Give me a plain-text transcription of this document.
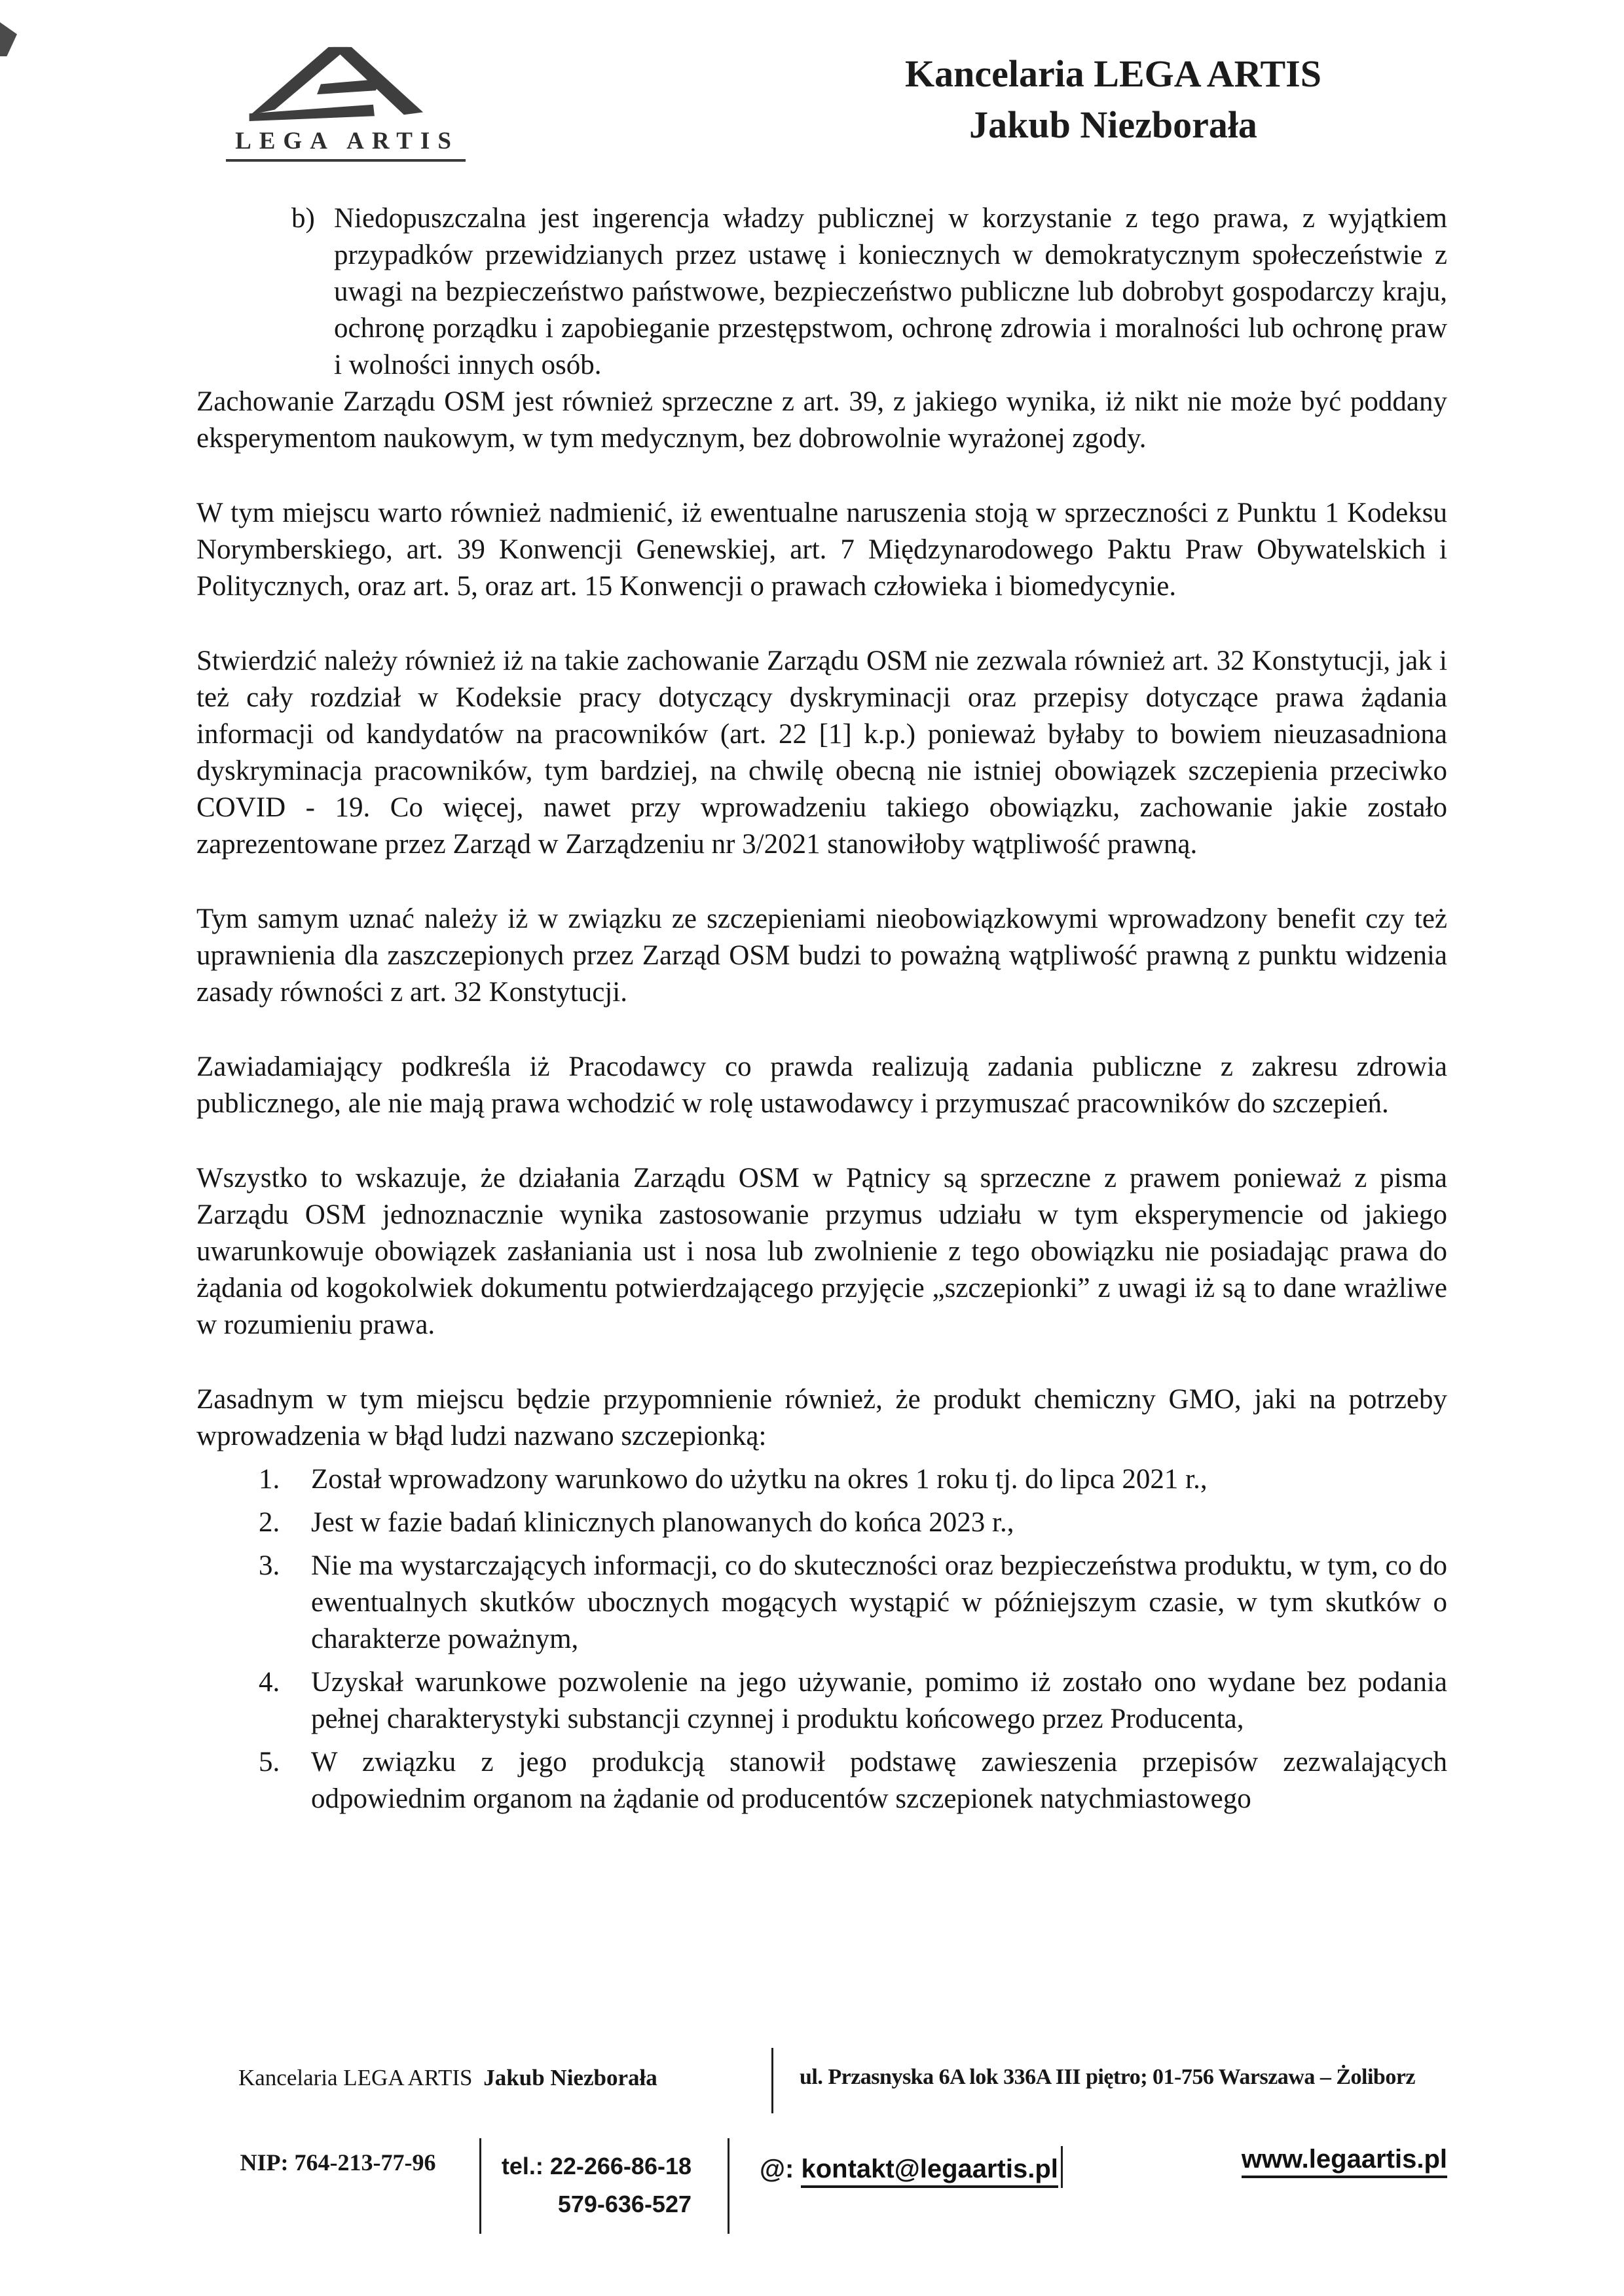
LEGA ARTIS
Kancelaria LEGA ARTIS
Jakub Niezborała
b) Niedopuszczalna jest ingerencja władzy publicznej w korzystanie z tego prawa, z wyjątkiem przypadków przewidzianych przez ustawę i koniecznych w demokratycznym społeczeństwie z uwagi na bezpieczeństwo państwowe, bezpieczeństwo publiczne lub dobrobyt gospodarczy kraju, ochronę porządku i zapobieganie przestępstwom, ochronę zdrowia i moralności lub ochronę praw i wolności innych osób.

Zachowanie Zarządu OSM jest również sprzeczne z art. 39, z jakiego wynika, iż nikt nie może być poddany eksperymentom naukowym, w tym medycznym, bez dobrowolnie wyrażonej zgody.

W tym miejscu warto również nadmienić, iż ewentualne naruszenia stoją w sprzeczności z Punktu 1 Kodeksu Norymberskiego, art. 39 Konwencji Genewskiej, art. 7 Międzynarodowego Paktu Praw Obywatelskich i Politycznych, oraz art. 5, oraz art. 15 Konwencji o prawach człowieka i biomedycynie.

Stwierdzić należy również iż na takie zachowanie Zarządu OSM nie zezwala również art. 32 Konstytucji, jak i też cały rozdział w Kodeksie pracy dotyczący dyskryminacji oraz przepisy dotyczące prawa żądania informacji od kandydatów na pracowników (art. 22 [1] k.p.) ponieważ byłaby to bowiem nieuzasadniona dyskryminacja pracowników, tym bardziej, na chwilę obecną nie istniej obowiązek szczepienia przeciwko COVID - 19. Co więcej, nawet przy wprowadzeniu takiego obowiązku, zachowanie jakie zostało zaprezentowane przez Zarząd w Zarządzeniu nr 3/2021 stanowiłoby wątpliwość prawną.

Tym samym uznać należy iż w związku ze szczepieniami nieobowiązkowymi wprowadzony benefit czy też uprawnienia dla zaszczepionych przez Zarząd OSM budzi to poważną wątpliwość prawną z punktu widzenia zasady równości z art. 32 Konstytucji.

Zawiadamiający podkreśla iż Pracodawcy co prawda realizują zadania publiczne z zakresu zdrowia publicznego, ale nie mają prawa wchodzić w rolę ustawodawcy i przymuszać pracowników do szczepień.

Wszystko to wskazuje, że działania Zarządu OSM w Pątnicy są sprzeczne z prawem ponieważ z pisma Zarządu OSM jednoznacznie wynika zastosowanie przymus udziału w tym eksperymencie od jakiego uwarunkowuje obowiązek zasłaniania ust i nosa lub zwolnienie z tego obowiązku nie posiadając prawa do żądania od kogokolwiek dokumentu potwierdzającego przyjęcie „szczepionki” z uwagi iż są to dane wrażliwe w rozumieniu prawa.

Zasadnym w tym miejscu będzie przypomnienie również, że produkt chemiczny GMO, jaki na potrzeby wprowadzenia w błąd ludzi nazwano szczepionką:

1.	Został wprowadzony warunkowo do użytku na okres 1 roku tj. do lipca 2021 r.,

2.	Jest w fazie badań klinicznych planowanych do końca 2023 r.,

3.	Nie ma wystarczających informacji, co do skuteczności oraz bezpieczeństwa produktu, w tym, co do ewentualnych skutków ubocznych mogących wystąpić w późniejszym czasie, w tym skutków o charakterze poważnym,

4.	Uzyskał warunkowe pozwolenie na jego używanie, pomimo iż zostało ono wydane bez podania pełnej charakterystyki substancji czynnej i produktu końcowego przez Producenta,

5.	W związku z jego produkcją stanowił podstawę zawieszenia przepisów zezwalających odpowiednim organom na żądanie od producentów szczepionek natychmiastowego

Kancelaria LEGA ARTIS Jakub Niezborała	ul. Przasnyska 6A lok 336A III piętro; 01-756 Warszawa – Żoliborz
NIP: 764-213-77-96	tel.: 22-266-86-18
579-636-527
@: kontakt@legaartis.pl	www.legaartis.pl
